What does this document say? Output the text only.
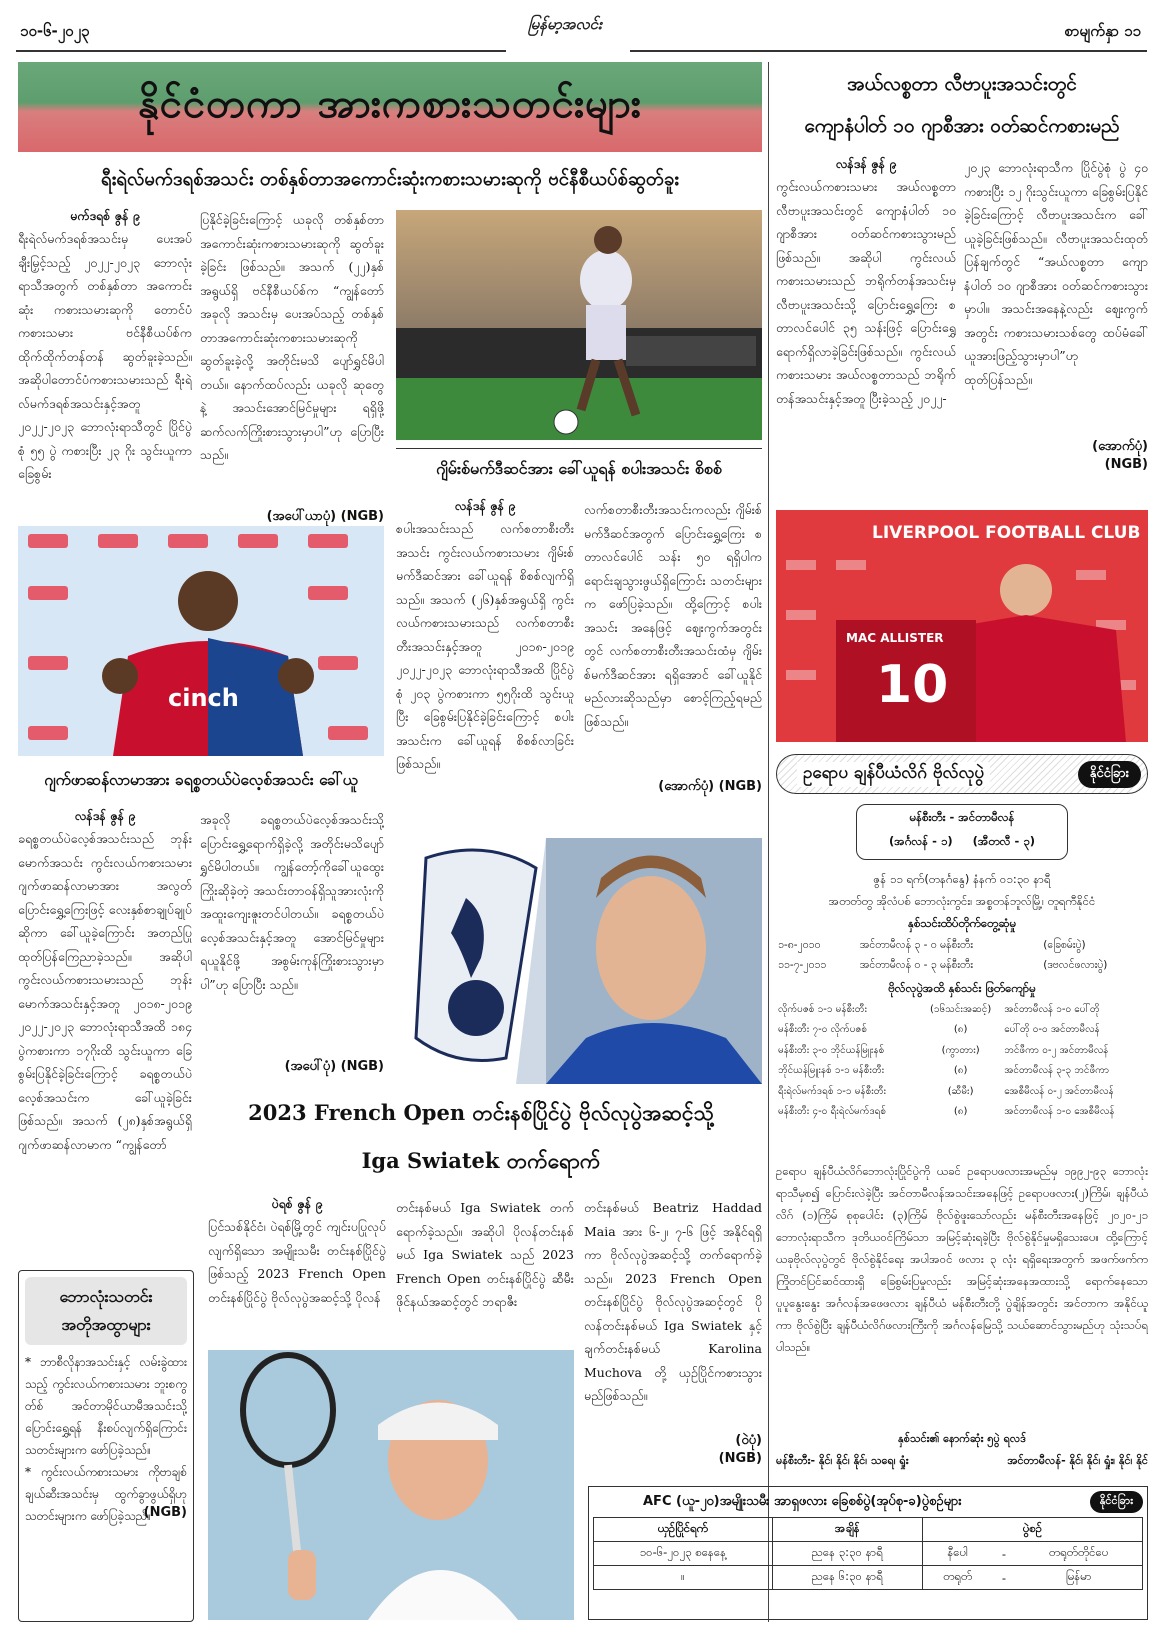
၁၀-၆-၂၀၂၃	မြန်မာ့အလင်း	စာမျက်နှာ ၁၁
နိုင်ငံတကာ အားကစားသတင်းများ
ရီးရဲလ်မက်ဒရစ်အသင်း တစ်နှစ်တာအကောင်းဆုံးကစားသမားဆုကို ဗင်နီစီယပ်စ်ဆွတ်ခူး
မက်ဒရစ် ဇွန် ၉
ရီးရဲလ်မက်ဒရစ်အသင်းမှ ပေးအပ်ချီးမြှင့်သည့် ၂၀၂၂-၂၀၂၃ ဘောလုံးရာသီအတွက် တစ်နှစ်တာ အကောင်းဆုံး ကစားသမားဆုကို တောင်ပံကစားသမား ဗင်နီစီယပ်စ်က ထိုက်ထိုက်တန်တန် ဆွတ်ခူးခဲ့သည်။ အဆိုပါတောင်ပံကစားသမားသည် ရီးရဲလ်မက်ဒရစ်အသင်းနှင့်အတူ ၂၀၂၂-၂၀၂၃ ဘောလုံးရာသီတွင် ပြိုင်ပွဲစုံ ၅၅ ပွဲ ကစားပြီး ၂၃ ဂိုး သွင်းယူကာ ခြေစွမ်း
ပြနိုင်ခဲ့ခြင်းကြောင့် ယခုလို တစ်နှစ်တာအကောင်းဆုံးကစားသမားဆုကို ဆွတ်ခူးခဲ့ခြင်း ဖြစ်သည်။ အသက် (၂၂)နှစ်အရွယ်ရှိ ဗင်နီစီယပ်စ်က “ကျွန်တော် အခုလို အသင်းမှ ပေးအပ်သည့် တစ်နှစ်တာအကောင်းဆုံးကစားသမားဆုကို ဆွတ်ခူးခဲ့လို့ အတိုင်းမသိ ပျော်ရွှင်မိပါတယ်။ နောက်ထပ်လည်း ယခုလို ဆုတွေနဲ့ အသင်းအောင်မြင်မှုများ ရရှိဖို့ ဆက်လက်ကြိုးစားသွားမှာပါ”ဟု ပြောပြီး သည်။
(အပေါ်ယာပုံ) (NGB)
ဂျိမ်းစ်မက်ဒီဆင်အား ခေါ်ယူရန် စပါးအသင်း စိစစ်
လန်ဒန် ဇွန် ၉
စပါးအသင်းသည် လက်စတာစီးတီးအသင်း ကွင်းလယ်ကစားသမား ဂျိမ်းစ်မက်ဒီဆင်အား ခေါ်ယူရန် စိစစ်လျက်ရှိသည်။ အသက် (၂၆)နှစ်အရွယ်ရှိ ကွင်းလယ်ကစားသမားသည် လက်စတာစီးတီးအသင်းနှင့်အတူ ၂၀၁၈-၂၀၁၉ ၂၀၂၂-၂၀၂၃ ဘောလုံးရာသီအထိ ပြိုင်ပွဲစုံ ၂၀၃ ပွဲကစားကာ ၅၅ဂိုးထိ သွင်းယူပြီး ခြေစွမ်းပြနိုင်ခဲ့ခြင်းကြောင့် စပါးအသင်းက ခေါ်ယူရန် စိစစ်လာခြင်းဖြစ်သည်။
လက်စတာစီးတီးအသင်းကလည်း ဂျိမ်းစ်မက်ဒီဆင်အတွက် ပြောင်းရွှေ့ကြေး စတာလင်ပေါင် သန်း ၅၀ ရရှိပါက ရောင်းချသွားဖွယ်ရှိကြောင်း သတင်းများက ဖော်ပြခဲ့သည်။ ထို့ကြောင့် စပါးအသင်း အနေဖြင့် ဈေးကွက်အတွင်းတွင် လက်စတာစီးတီးအသင်းထံမှ ဂျိမ်းစ်မက်ဒီဆင်အား ရရှိအောင် ခေါ်ယူနိုင်မည်လားဆိုသည်မှာ စောင့်ကြည့်ရမည်ဖြစ်သည်။
(အောက်ပုံ) (NGB)
cinch
ဂျက်ဖာဆန်လာမာအား ခရစ္စတယ်ပဲလေ့စ်အသင်း ခေါ်ယူ
လန်ဒန် ဇွန် ၉
ခရစ္စတယ်ပဲလေ့စ်အသင်းသည် ဘုန်းမောက်အသင်း ကွင်းလယ်ကစားသမား ဂျက်ဖာဆန်လာမာအား အလွတ်ပြောင်းရွှေ့ကြေးဖြင့် လေးနှစ်စာချုပ်ချုပ်ဆိုကာ ခေါ်ယူခဲ့ကြောင်း အတည်ပြုထုတ်ပြန်ကြေညာခဲ့သည်။ အဆိုပါ ကွင်းလယ်ကစားသမားသည် ဘုန်းမောက်အသင်းနှင့်အတူ ၂၀၁၈-၂၀၁၉ ၂၀၂၂-၂၀၂၃ ဘောလုံးရာသီအထိ ၁၈၄ ပွဲကစားကာ ၁၇ဂိုးထိ သွင်းယူကာ ခြေစွမ်းပြနိုင်ခဲ့ခြင်းကြောင့် ခရစ္စတယ်ပဲလေ့စ်အသင်းက ခေါ်ယူခဲ့ခြင်းဖြစ်သည်။ အသက် (၂၈)နှစ်အရွယ်ရှိ ဂျက်ဖာဆန်လာမာက “ကျွန်တော်
အခုလို ခရစ္စတယ်ပဲလေ့စ်အသင်းသို့ ပြောင်းရွှေ့ရောက်ရှိခဲ့လို့ အတိုင်းမသိပျော်ရွှင်မိပါတယ်။ ကျွန်တော့်ကိုခေါ်ယူထွေး ကြိုးဆိုခဲ့တဲ့ အသင်းတာဝန်ရှိသူအားလုံးကို အထူးကျေးဇူးတင်ပါတယ်။ ခရစ္စတယ်ပဲလေ့စ်အသင်းနှင့်အတူ အောင်မြင်မှုများရယူနိုင်ဖို့ အစွမ်းကုန်ကြိုးစားသွားမှာပါ”ဟု ပြောပြီး သည်။
(အပေါ်ပုံ) (NGB)
2023 French Open တင်းနစ်ပြိုင်ပွဲ ဗိုလ်လုပွဲအဆင့်သို့
Iga Swiatek တက်ရောက်
ပဲရစ် ဇွန် ၉
ပြင်သစ်နိုင်ငံ၊ ပဲရစ်မြို့တွင် ကျင်းပပြုလုပ်လျက်ရှိသော အမျိုးသမီး တင်းနစ်ပြိုင်ပွဲဖြစ်သည့် 2023 French Open တင်းနစ်ပြိုင်ပွဲ ဗိုလ်လုပွဲအဆင့်သို့ ပိုလန်
တင်းနစ်မယ် Iga Swiatek တက်ရောက်ခဲ့သည်။ အဆိုပါ ပိုလန်တင်းနစ်မယ် Iga Swiatek သည် 2023 French Open တင်းနစ်ပြိုင်ပွဲ ဆီမီးဖိုင်နယ်အဆင့်တွင် ဘရာဇီး
တင်းနစ်မယ် Beatriz Haddad Maia အား ၆-၂၊ ၇-၆ ဖြင့် အနိုင်ရရှိကာ ဗိုလ်လုပွဲအဆင့်သို့ တက်ရောက်ခဲ့သည်။ 2023 French Open တင်းနစ်ပြိုင်ပွဲ ဗိုလ်လုပွဲအဆင့်တွင် ပိုလန်တင်းနစ်မယ် Iga Swiatek နှင့် ချက်တင်းနစ်မယ် Karolina Muchova တို့ ယှဉ်ပြိုင်ကစားသွားမည်ဖြစ်သည်။
(ဝဲပုံ)
(NGB)
ဘောလုံးသတင်း
အတိုအထွာများ
* ဘာစီလိုနာအသင်းနှင့် လမ်းခွဲထားသည့် ကွင်းလယ်ကစားသမား ဘူးစကွတ်စ် အင်တာမိုင်ယာမီအသင်းသို့ ပြောင်းရွှေ့ရန် နီးစပ်လျက်ရှိကြောင်း သတင်းများက ဖော်ပြခဲ့သည်။
* ကွင်းလယ်ကစားသမား ကိုဗာချစ် ချယ်ဆီးအသင်းမှ ထွက်ခွာဖွယ်ရှိဟု သတင်းများက ဖော်ပြခဲ့သည်။
(NGB)
အယ်လစ္စတာ လီဗာပူးအသင်းတွင်
ကျောနံပါတ် ၁၀ ဂျာစီအား ဝတ်ဆင်ကစားမည်
လန်ဒန် ဇွန် ၉
ကွင်းလယ်ကစားသမား အယ်လစ္စတာ လီဗာပူးအသင်းတွင် ကျောနံပါတ် ၁၀ ဂျာစီအား ဝတ်ဆင်ကစားသွားမည်ဖြစ်သည်။ အဆိုပါ ကွင်းလယ်ကစားသမားသည် ဘရိုက်တန်အသင်းမှ လီဗာပူးအသင်းသို့ ပြောင်းရွှေ့ကြေး စတာလင်ပေါင် ၃၅ သန်းဖြင့် ပြောင်းရွှေ့ရောက်ရှိလာခဲ့ခြင်းဖြစ်သည်။ ကွင်းလယ်ကစားသမား အယ်လစ္စတာသည် ဘရိုက်တန်အသင်းနှင့်အတူ ပြီးခဲ့သည့် ၂၀၂၂-
၂၀၂၃ ဘောလုံးရာသီက ပြိုင်ပွဲစုံ ပွဲ ၄၀ ကစားပြီး ၁၂ ဂိုးသွင်းယူကာ ခြေစွမ်းပြနိုင်ခဲ့ခြင်းကြောင့် လီဗာပူးအသင်းက ခေါ်ယူခဲ့ခြင်းဖြစ်သည်။ လီဗာပူးအသင်းထုတ်ပြန်ချက်တွင် “အယ်လစ္စတာ ကျောနံပါတ် ၁၀ ဂျာစီအား ဝတ်ဆင်ကစားသွားမှာပါ။ အသင်းအနေနဲ့လည်း ဈေးကွက်အတွင်း ကစားသမားသစ်တွေ ထပ်မံခေါ်ယူအားဖြည့်သွားမှာပါ”ဟု ထုတ်ပြန်သည်။
(အောက်ပုံ)
(NGB)
LIVERPOOL FOOTBALL CLUB
MAC ALLISTER
10
ဥရောပ ချန်ပီယံလိဂ် ဗိုလ်လုပွဲ	နိုင်ငံခြား
မန်စီးတီး - အင်တာမီလန်
(အင်္ဂလန် - ၁) (အီတလီ - ၃)
ဇွန် ၁၁ ရက်(တနင်္ဂနွေ) နံနက် ၀၁:၃၀ နာရီ
အတတ်တွ အိုလံပစ် ဘောလုံးကွင်း၊ အစ္စတန်ဘူလ်မြို့၊ တူရကီနိုင်ငံ
နှစ်သင်းထိပ်တိုက်တွေ့ဆုံမှု
၁-၈-၂၀၁၀	အင်တာမီလန် ၃ - ၀ မန်စီးတီး	(ခြေစမ်းပွဲ)
၁၁-၇-၂၀၁၁	အင်တာမီလန် ၀ - ၃ မန်စီးတီး	(ဒဗလင်ဖလားပွဲ)
ဗိုလ်လုပွဲအထိ နှစ်သင်း ဖြတ်ကျော်မှု
လိုက်ပဇစ် ၁-၁ မန်စီးတီး	(၁၆သင်းအဆင့်)	အင်တာမီလန် ၁-၀ ပေါ်တို
မန်စီးတီး ၇-၀ လိုက်ပဇစ်	(၈)	ပေါ်တို ၀-၀ အင်တာမီလန်
မန်စီးတီး ၃-၀ ဘိုင်ယန်မြူးနစ်	(ကွာတား)	ဘင်ဖီကာ ၀-၂ အင်တာမီလန်
ဘိုင်ယန်မြူးနစ် ၁-၁ မန်စီးတီး	(၈)	အင်တာမီလန် ၃-၃ ဘင်ဖီကာ
ရီးရဲလ်မက်ဒရစ် ၁-၁ မန်စီးတီး	(ဆီမီး)	အေစီမီလန် ၀-၂ အင်တာမီလန်
မန်စီးတီး ၄-၀ ရီးရဲလ်မက်ဒရစ်	(၈)	အင်တာမီလန် ၁-၀ အေစီမီလန်
ဥရောပ ချန်ပီယံလိဂ်ဘောလုံးပြိုင်ပွဲကို ယခင် ဥရောပဖလားအမည်မှ ၁၉၉၂-၉၃ ဘောလုံးရာသီမှစ၍ ပြောင်းလဲခဲ့ပြီး အင်တာမီလန်အသင်းအနေဖြင့် ဥရောပဖလား(၂)ကြိမ်၊ ချန်ပီယံလိဂ် (၁)ကြိမ် စုစုပေါင်း (၃)ကြိမ် ဗိုလ်စွဲဖူးသော်လည်း မန်စီးတီးအနေဖြင့် ၂၀၂၀-၂၁ ဘောလုံးရာသီက ဒုတိယဝင်ကြိမ်သာ အမြင့်ဆုံးရခဲ့ပြီး ဗိုလ်စွဲနိုင်မှုမရှိသေးပေ။ ထို့ကြောင့် ယခုဗိုလ်လုပွဲတွင် ဗိုလ်စွဲနိုင်ရေး အပါအဝင် ဖလား ၃ လုံး ရရှိရေးအတွက် အဖက်ဖက်က ကြိုတင်ပြင်ဆင်ထားရှိ ခြေစွမ်းပြမှုလည်း အမြင့်ဆုံးအနေအထားသို့ ရောက်နေသော ပူပူနွေးနွေး အင်္ဂလန်အဖေဖလား ချန်ပီယံ မန်စီးတီးတို့ ပွဲချိန်အတွင်း အင်တာက အနိုင်ယူကာ ဗိုလ်စွဲပြီး ချန်ပီယံလိဂ်ဖလားကြီးကို အင်္ဂလန်မြေသို့ သယ်ဆောင်သွားမည်ဟု သုံးသပ်ရပါသည်။
နှစ်သင်း၏ နောက်ဆုံး ၅ပွဲ ရလဒ်
မန်စီးတီး- နိုင်၊ နိုင်၊ နိုင်၊ သရေ၊ ရှုံး	အင်တာမီလန်- နိုင်၊ နိုင်၊ ရှုံး၊ နိုင်၊ နိုင်
AFC (ယူ-၂၀)အမျိုးသမီး အာရှဖလား ခြေစစ်ပွဲ(အုပ်စု-ခ)ပွဲစဉ်များ	နိုင်ငံခြား
ယှဉ်ပြိုင်ရက်	အချိန်	ပွဲစဉ်		
၁၀-၆-၂၀၂၃ စနေနေ့	ညနေ ၃:၃၀ နာရီ	နီပေါ	-	တရုတ်တိုင်ပေ
။	ညနေ ၆:၃၀ နာရီ	တရုတ်	-	မြန်မာ
